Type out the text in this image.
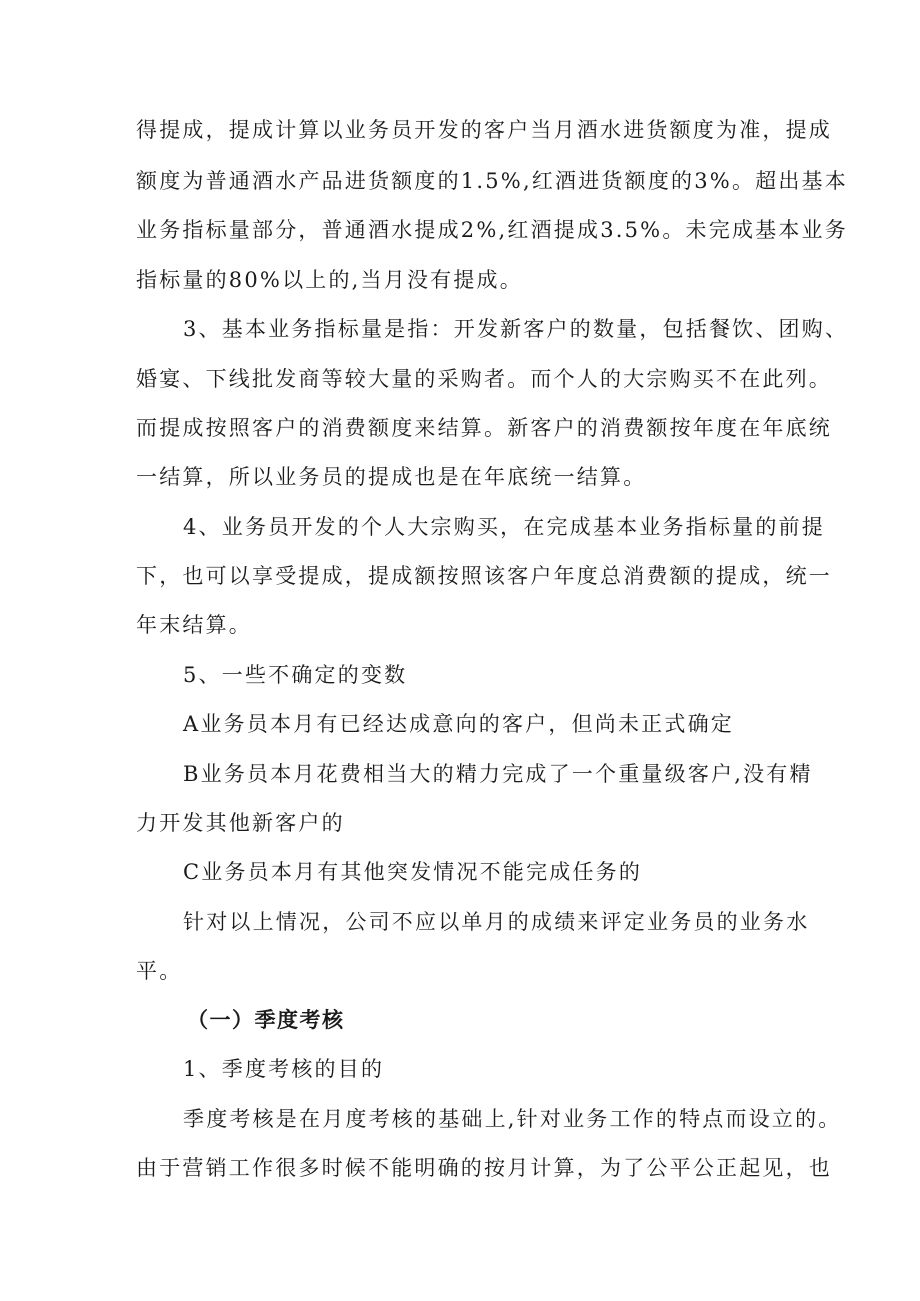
得提成，提成计算以业务员开发的客户当月酒水进货额度为准，提成
额度为普通酒水产品进货额度的1.5%,红酒进货额度的3%。超出基本
业务指标量部分，普通酒水提成2%,红酒提成3.5%。未完成基本业务
指标量的80%以上的,当月没有提成。
3、基本业务指标量是指：开发新客户的数量，包括餐饮、团购、
婚宴、下线批发商等较大量的采购者。而个人的大宗购买不在此列。
而提成按照客户的消费额度来结算。新客户的消费额按年度在年底统
一结算，所以业务员的提成也是在年底统一结算。
4、业务员开发的个人大宗购买，在完成基本业务指标量的前提
下，也可以享受提成，提成额按照该客户年度总消费额的提成，统一
年末结算。
5、一些不确定的变数
A业务员本月有已经达成意向的客户，但尚未正式确定
B业务员本月花费相当大的精力完成了一个重量级客户,没有精
力开发其他新客户的
C业务员本月有其他突发情况不能完成任务的
针对以上情况，公司不应以单月的成绩来评定业务员的业务水
平。
（一）季度考核
1、季度考核的目的
季度考核是在月度考核的基础上,针对业务工作的特点而设立的。
由于营销工作很多时候不能明确的按月计算，为了公平公正起见，也
